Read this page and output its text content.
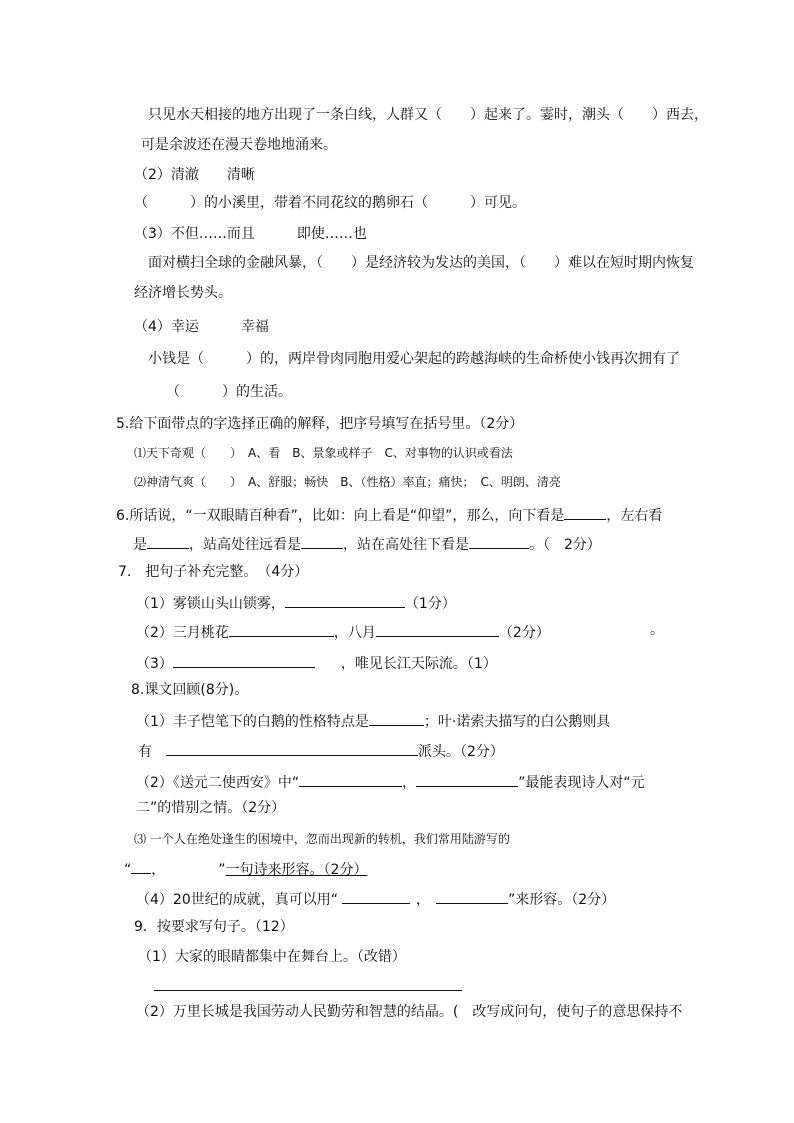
只见水天相接的地方出现了一条白线，人群又（　　）起来了。霎时，潮头（　　）西去，
可是余波还在漫天卷地地涌来。
（2）清澈　　清晰
（　　　）的小溪里，带着不同花纹的鹅卵石（　　　）可见。
（3）不但……而且　　　即使……也
面对横扫全球的金融风暴，（　　）是经济较为发达的美国，（　　）难以在短时期内恢复
经济增长势头。
（4）幸运　　　幸福
小钱是（　　　）的，两岸骨肉同胞用爱心架起的跨越海峡的生命桥使小钱再次拥有了
（　　　）的生活。
5.给下面带点的字选择正确的解释，把序号填写在括号里。（2分）
⑴天下奇观（　　）　A、看　B、景象或样子　C、对事物的认识或看法
⑵神清气爽（　　）　A、舒服；畅快　B、（性格）率直；痛快；　C、明朗、清亮
6.所话说，“一双眼睛百种看”，比如：向上看是“仰望”，那么，向下看是	，左右看
是	，站高处往远看是	，站在高处往下看是	。（　2分）
7.　把句子补充完整。　（4分）
（1）雾锁山头山锁雾，	（1分）
（2）三月桃花	，八月	（2分）	。
（3）	，唯见长江天际流。（1）
8.课文回顾(8分)。
（1）丰子恺笔下的白鹅的性格特点是	；叶·诺索夫描写的白公鹅则具
有	派头。（2分）
（2）《送元二使西安》中“	，	”最能表现诗人对“元
二”的惜别之情。（2分）
⑶ 一个人在绝处逢生的困境中，忽而出现新的转机，我们常用陆游写的
“ ，	”一句诗来形容。（2分）
（4）20世纪的成就，真可以用“	，	”来形容。（2分）
9．按要求写句子。（12）
（1）大家的眼睛都集中在舞台上。（改错）
（2）万里长城是我国劳动人民勤劳和智慧的结晶。(　改写成问句，使句子的意思保持不
